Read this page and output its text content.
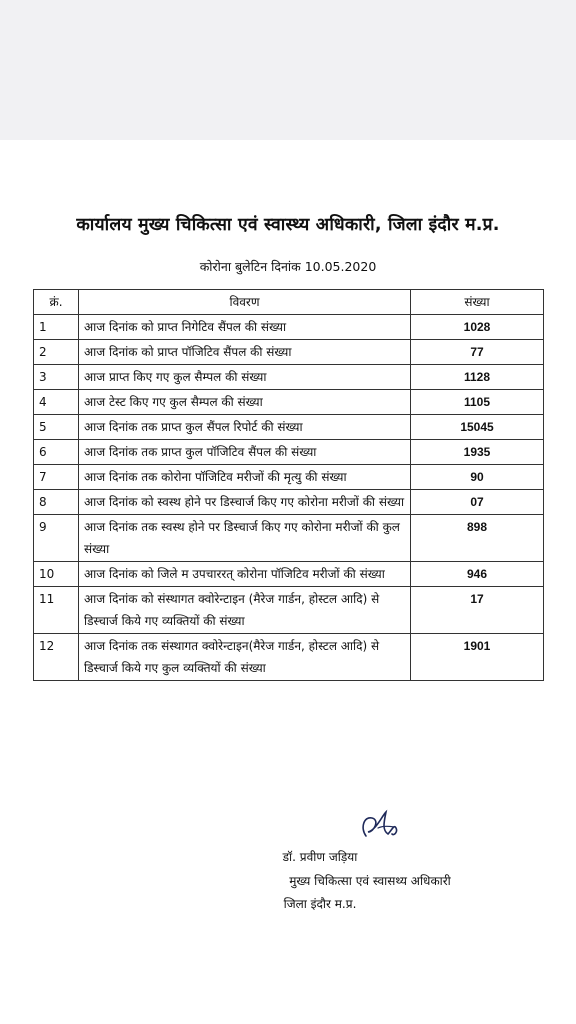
कार्यालय मुख्य चिकित्सा एवं स्वास्थ्य अधिकारी, जिला इंदौर म.प्र.
कोरोना बुलेटिन दिनांक 10.05.2020
क्रं.	विवरण	संख्या
1	आज दिनांक को प्राप्त निगेटिव सैंपल की संख्या	1028
2	आज दिनांक को प्राप्त पॉजिटिव सैंपल की संख्या	77
3	आज प्राप्त किए गए कुल सैम्पल की संख्या	1128
4	आज टेस्ट किए गए कुल सैम्पल की संख्या	1105
5	आज दिनांक तक प्राप्त कुल सैंपल रिपोर्ट की संख्या	15045
6	आज दिनांक तक प्राप्त कुल पॉजिटिव सैंपल की संख्या	1935
7	आज दिनांक तक कोरोना पॉजिटिव मरीजों की मृत्यु की संख्या	90
8	आज दिनांक को स्वस्थ होने पर डिस्चार्ज किए गए कोरोना मरीजों की संख्या	07
9	आज दिनांक तक स्वस्थ होने पर डिस्चार्ज किए गए कोरोना मरीजों की कुल संख्या	898
10	आज दिनांक को जिले म उपचाररत् कोरोना पॉजिटिव मरीजों की संख्या	946
11	आज दिनांक को संस्थागत क्वोरेन्टाइन (मैरेज गार्डन, होस्टल आदि) से डिस्चार्ज किये गए व्यक्तियों की संख्या	17
12	आज दिनांक तक संस्थागत क्वोरेन्टाइन(मैरेज गार्डन, होस्टल आदि) से डिस्चार्ज किये गए कुल व्यक्तियों की संख्या	1901
डॉ. प्रवीण जड़िया
मुख्य चिकित्सा एवं स्वासथ्य अधिकारी
जिला इंदौर म.प्र.
